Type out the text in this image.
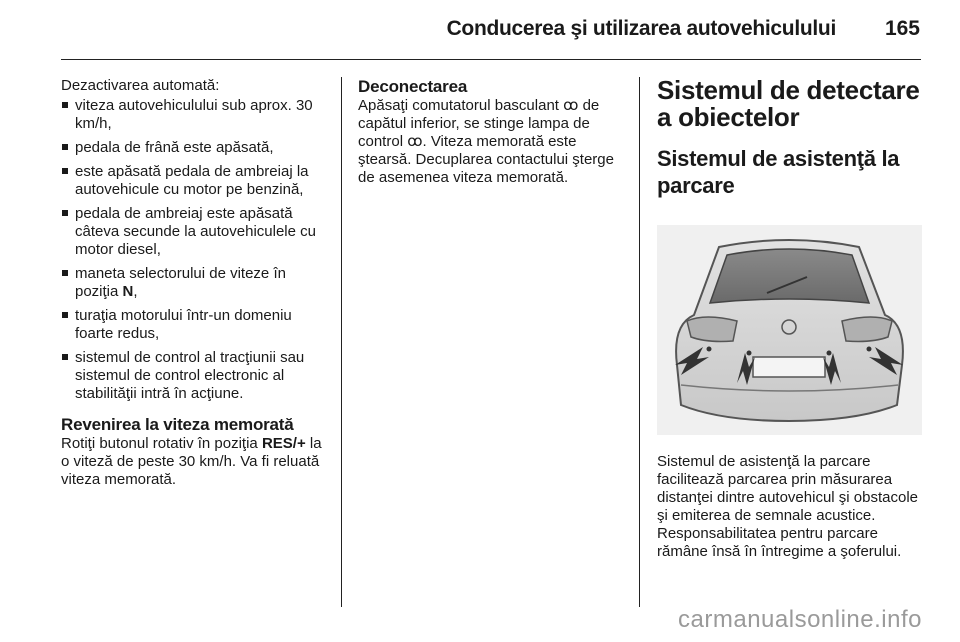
Conducerea şi utilizarea autovehiculului 165

Dezactivarea automată:

viteza autovehiculului sub aprox. 30 km/h,
pedala de frână este apăsată,
este apăsată pedala de ambreiaj la autovehicule cu motor pe benzină,
pedala de ambreiaj este apăsată câteva secunde la autovehiculele cu motor diesel,
maneta selectorului de viteze în poziţia N,
turaţia motorului într-un domeniu foarte redus,
sistemul de control al tracţiunii sau sistemul de control electronic al stabilităţii intră în acţiune.
Revenirea la viteza memorată

Rotiţi butonul rotativ în poziţia RES/+ la o viteză de peste 30 km/h. Va fi reluată viteza memorată.

Deconectarea

Apăsaţi comutatorul basculant ꝏ de capătul inferior, se stinge lampa de control ꝏ. Viteza memorată este ştearsă. Decuplarea contactului şterge de asemenea viteza memorată.

Sistemul de detectare a obiectelor
Sistemul de asistenţă la parcare

Sistemul de asistenţă la parcare facilitează parcarea prin măsurarea distanţei dintre autovehicul şi obstacole şi emiterea de semnale acustice. Responsabilitatea pentru parcare rămâne însă în întregime a şoferului.

carmanualsonline.info
